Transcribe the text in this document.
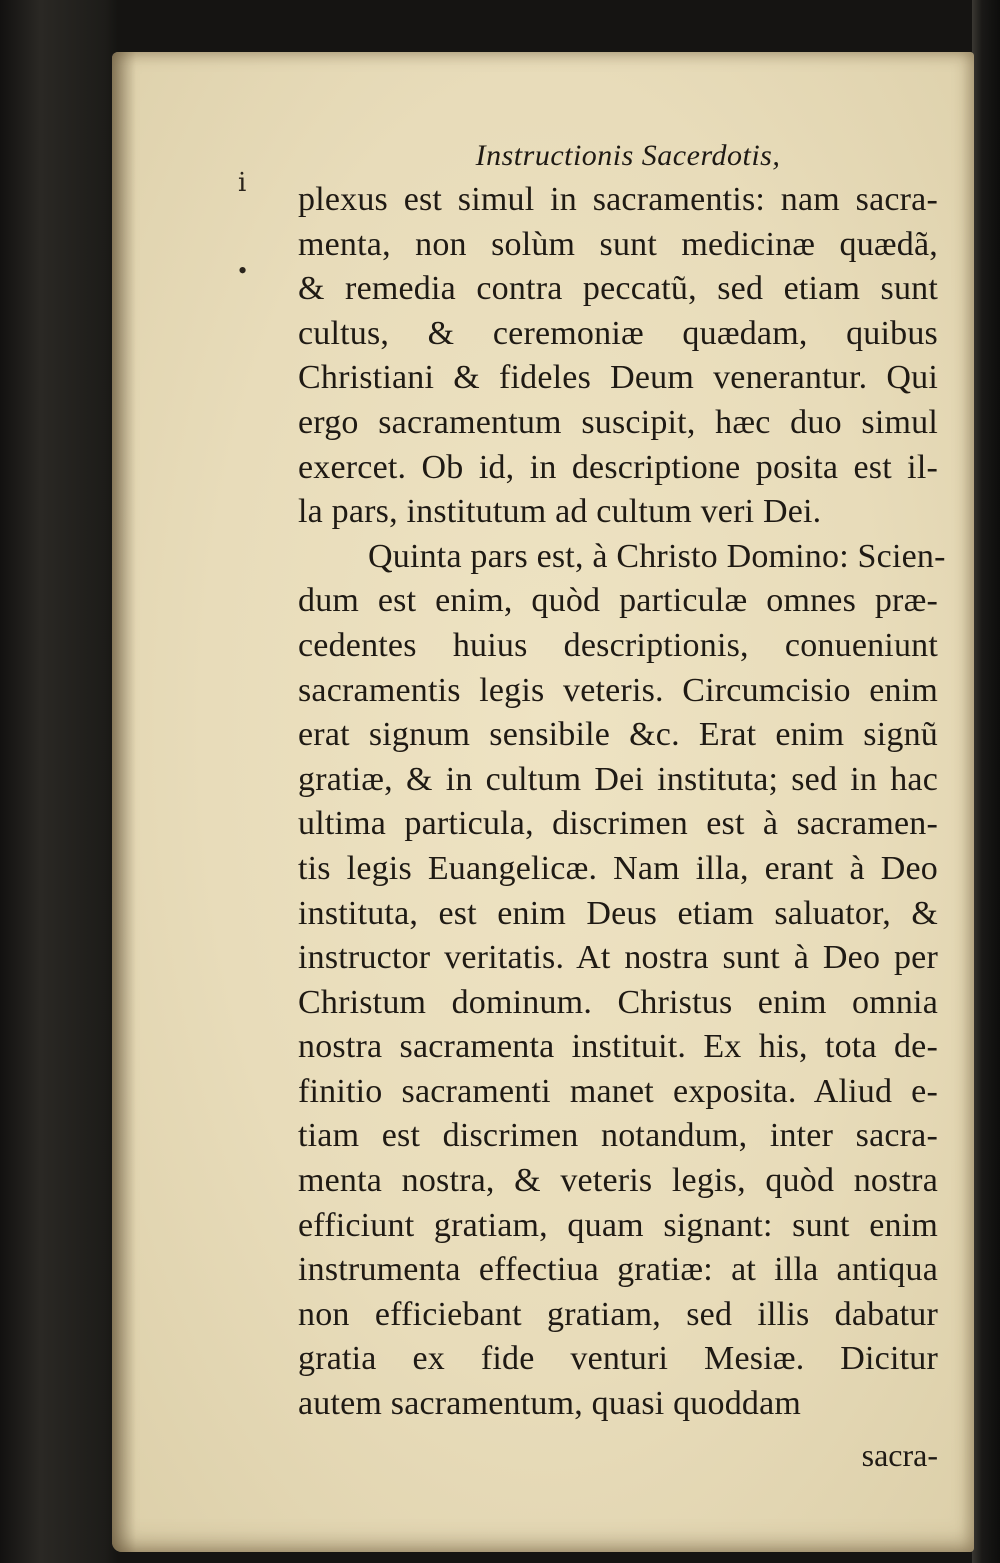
Instructionis Sacerdotis,
plexus est simul in sacramentis: nam sacra-
menta, non solùm sunt medicinæ quædã,
& remedia contra peccatũ, sed etiam sunt
cultus, & ceremoniæ quædam, quibus
Christiani & fideles Deum venerantur. Qui
ergo sacramentum suscipit, hæc duo simul
exercet. Ob id, in descriptione posita est il-
la pars, institutum ad cultum veri Dei.
Quinta pars est, à Christo Domino: Scien-
dum est enim, quòd particulæ omnes præ-
cedentes huius descriptionis, conueniunt
sacramentis legis veteris. Circumcisio enim
erat signum sensibile &c. Erat enim signũ
gratiæ, & in cultum Dei instituta; sed in hac
ultima particula, discrimen est à sacramen-
tis legis Euangelicæ. Nam illa, erant à Deo
instituta, est enim Deus etiam saluator, &
instructor veritatis. At nostra sunt à Deo per
Christum dominum. Christus enim omnia
nostra sacramenta instituit. Ex his, tota de-
finitio sacramenti manet exposita. Aliud e-
tiam est discrimen notandum, inter sacra-
menta nostra, & veteris legis, quòd nostra
efficiunt gratiam, quam signant: sunt enim
instrumenta effectiua gratiæ: at illa antiqua
non efficiebant gratiam, sed illis dabatur
gratia ex fide venturi Mesiæ. Dicitur
autem sacramentum, quasi quoddam
sacra-
ⅰ
•
